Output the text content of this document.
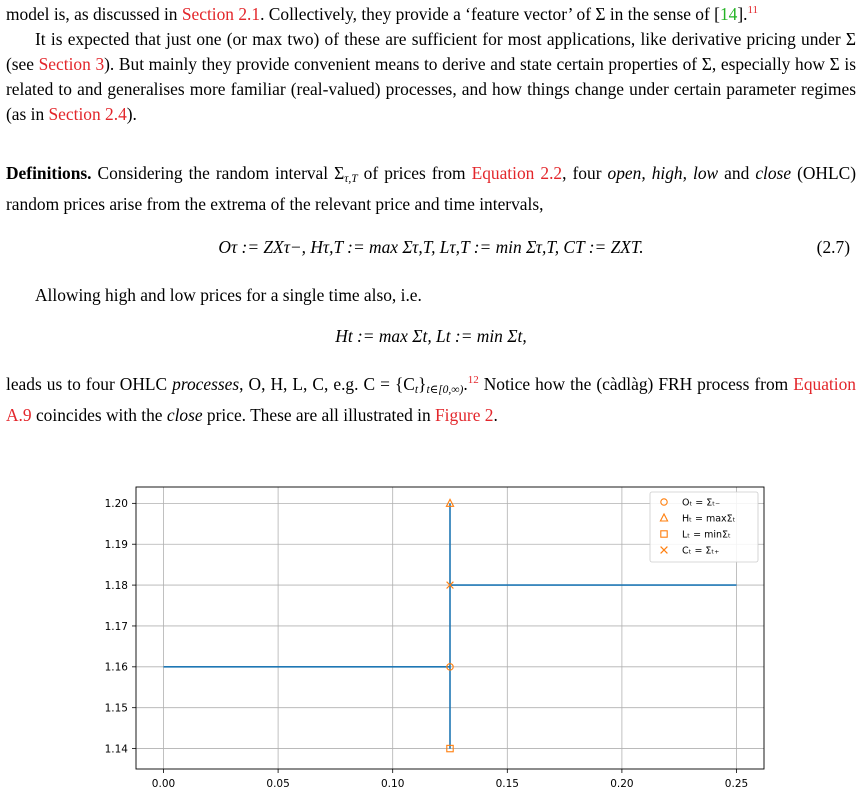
model is, as discussed in Section 2.1. Collectively, they provide a ‘feature vector’ of Σ in the sense of [14].$^{11}$

It is expected that just one (or max two) of these are sufficient for most applications, like derivative pricing under Σ (see Section 3). But mainly they provide convenient means to derive and state certain properties of Σ, especially how Σ is related to and generalises more familiar (real-valued) processes, and how things change under certain parameter regimes (as in Section 2.4).

Definitions. Considering the random interval $\Sigma_{\tau,T}$ of prices from Equation 2.2, four open, high, low and close (OHLC) random prices arise from the extrema of the relevant price and time intervals,

Oτ := ZXτ−, Hτ,T := max Στ,T, Lτ,T := min Στ,T, CT := ZXT.	(2.7)

Allowing high and low prices for a single time also, i.e.

Ht := max Σt, Lt := min Σt,

leads us to four OHLC processes, O, H, L, C, e.g. $C = \{C_t\}_{t\in[0,\infty)}.^{12}$ Notice how the (càdlàg) FRH process from Equation A.9 coincides with the close price. These are all illustrated in Figure 2.

0.00	0.05	0.10	0.15	0.20	0.25
1.14
1.15
1.16
1.17
1.18
1.19
1.20	Oₜ = Σₜ₋
Hₜ = maxΣₜ
Lₜ = minΣₜ
Cₜ = Σₜ₊
